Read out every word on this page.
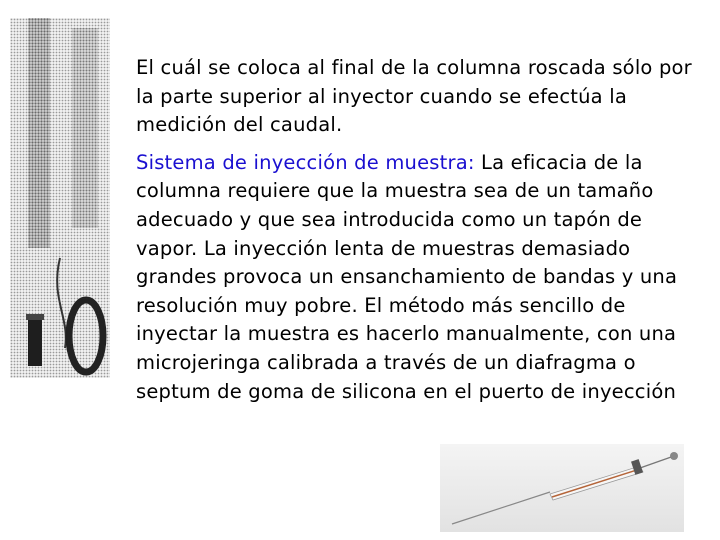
El cuál se coloca al final de la columna roscada sólo por la parte superior al inyector cuando se efectúa la medición del caudal.

Sistema de inyección de muestra: La eficacia de la columna requiere que la muestra sea de un tamaño adecuado y que sea introducida como un tapón de vapor. La inyección lenta de muestras demasiado grandes provoca un ensanchamiento de bandas y una resolución muy pobre. El método más sencillo de inyectar la muestra es hacerlo manualmente, con una microjeringa calibrada a través de un diafragma o septum de goma de silicona en el puerto de inyección
